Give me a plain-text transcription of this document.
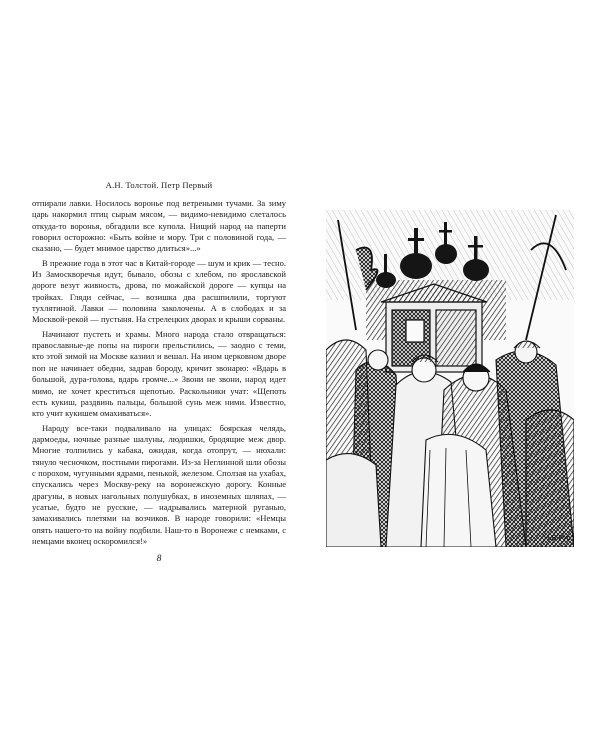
А.Н. Толстой. Петр Первый

отпирали лавки. Носилось воронье под ветреными тучами. За зиму царь накормил птиц сырым мясом, — видимо-невидимо слеталось откуда-то воронья, обгадили все купола. Нищий народ на паперти говорил осторожно: «Быть войне и мору. Три с половиной года, — сказано, — будет мнимое царство длиться»...»

В прежние года в этот час в Китай-городе — шум и крик — тесно. Из Замоскворечья идут, бывало, обозы с хлебом, по ярославской дороге везут живность, дрова, по можайской дороге — купцы на тройках. Гляди сейчас, — возишка два расшпилили, торгуют тухлятиной. Лавки — половина заколочены. А в слободах и за Москвой-рекой — пустыня. На стрелецких дворах и крыши сорваны.

Начинают пустеть и храмы. Много народа стало отвращаться: православные-де попы на пироги прельстились, — заодно с теми, кто этой зимой на Москве казнил и вешал. На ином церковном дворе поп не начинает обедни, задрав бороду, кричит звонарю: «Вдарь в большой, дура-голова, вдарь громче...» Звони не звони, народ идет мимо, не хочет креститься щепотью. Раскольники учат: «Щепоть есть кукиш, раздвинь пальцы, большой сунь меж ними. Известно, кто учит кукишем омахиваться».

Народу все-таки подваливало на улицах: боярская челядь, дармоеды, ночные разные шалуны, людишки, бродящие меж двор. Многие толпились у кабака, ожидая, когда отопрут, — нюхали: тянуло чесночком, постными пирогами. Из-за Неглинной шли обозы с порохом, чугунными ядрами, пенькой, железом. Сползая на ухабах, спускались через Москву-реку на воронежскую дорогу. Конные драгуны, в новых нагольных полушубках, в иноземных шляпах, — усатые, будто не русские, — надрывались матерной руганью, замахивались плетями на возчиков. В народе говорили: «Немцы опять нашего-то на войну подбили. Наш-то в Воронеже с немками, с немцами вконец оскоромился!»

8
Н.Б.Рус
